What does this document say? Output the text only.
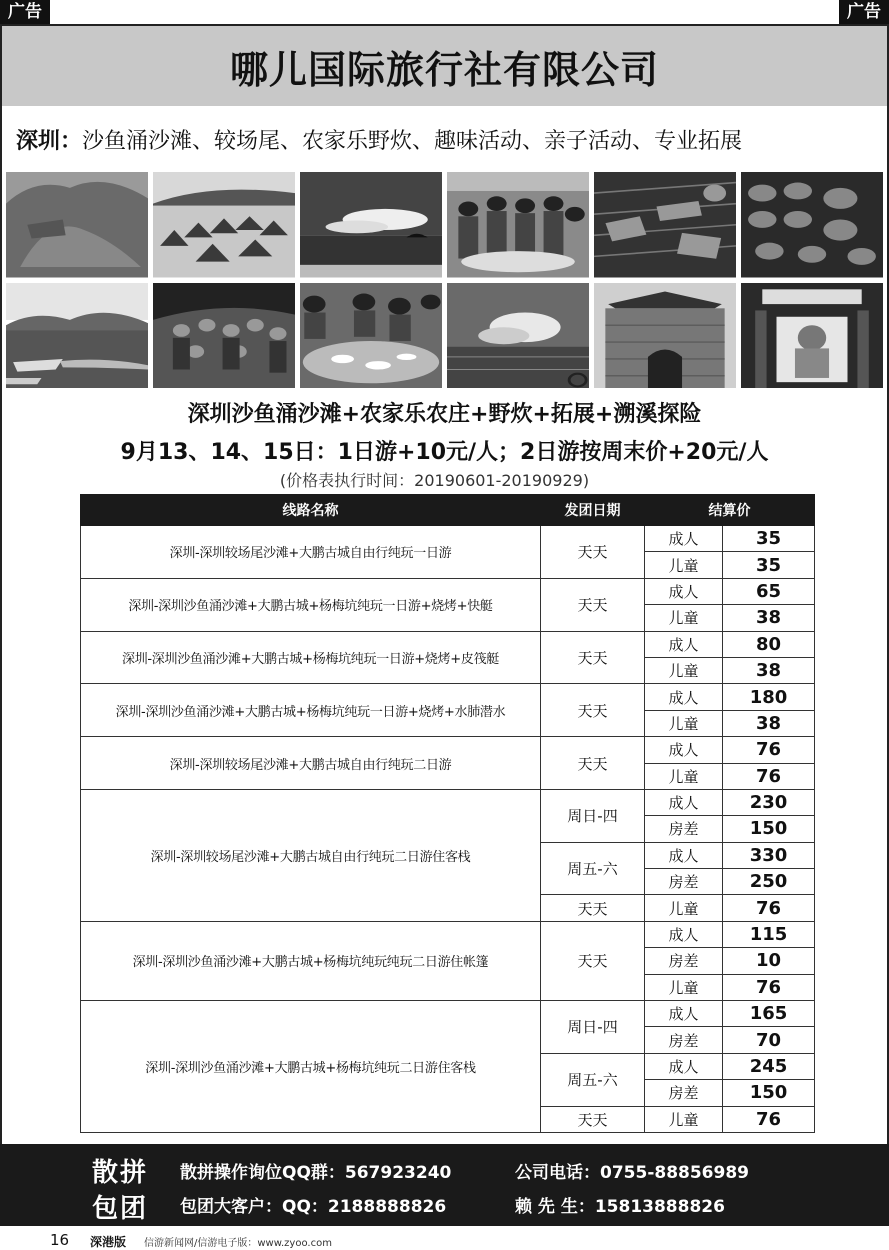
广告	广告
哪儿国际旅行社有限公司
深圳：沙鱼涌沙滩、较场尾、农家乐野炊、趣味活动、亲子活动、专业拓展
深圳沙鱼涌沙滩+农家乐农庄+野炊+拓展+溯溪探险
9月13、14、15日：1日游+10元/人；2日游按周末价+20元/人
(价格表执行时间：20190601-20190929)
线路名称	发团日期	结算价	
深圳-深圳较场尾沙滩+大鹏古城自由行纯玩一日游	天天	成人	35
		儿童	35
深圳-深圳沙鱼涌沙滩+大鹏古城+杨梅坑纯玩一日游+烧烤+快艇	天天	成人	65
		儿童	38
深圳-深圳沙鱼涌沙滩+大鹏古城+杨梅坑纯玩一日游+烧烤+皮筏艇	天天	成人	80
		儿童	38
深圳-深圳沙鱼涌沙滩+大鹏古城+杨梅坑纯玩一日游+烧烤+水肺潜水	天天	成人	180
		儿童	38
深圳-深圳较场尾沙滩+大鹏古城自由行纯玩二日游	天天	成人	76
		儿童	76
深圳-深圳较场尾沙滩+大鹏古城自由行纯玩二日游住客栈	周日-四	成人	230
		房差	150
	周五-六	成人	330
		房差	250
	天天	儿童	76
深圳-深圳沙鱼涌沙滩+大鹏古城+杨梅坑纯玩纯玩二日游住帐篷	天天	成人	115
		房差	10
		儿童	76
深圳-深圳沙鱼涌沙滩+大鹏古城+杨梅坑纯玩二日游住客栈	周日-四	成人	165
		房差	70
	周五-六	成人	245
		房差	150
	天天	儿童	76
散拼
包团
散拼操作询位QQ群：567923240	公司电话：0755-88856989
包团大客户：QQ：2188888826	赖 先 生：15813888826
16 深港版 信游新闻网/信游电子版：www.zyoo.com
